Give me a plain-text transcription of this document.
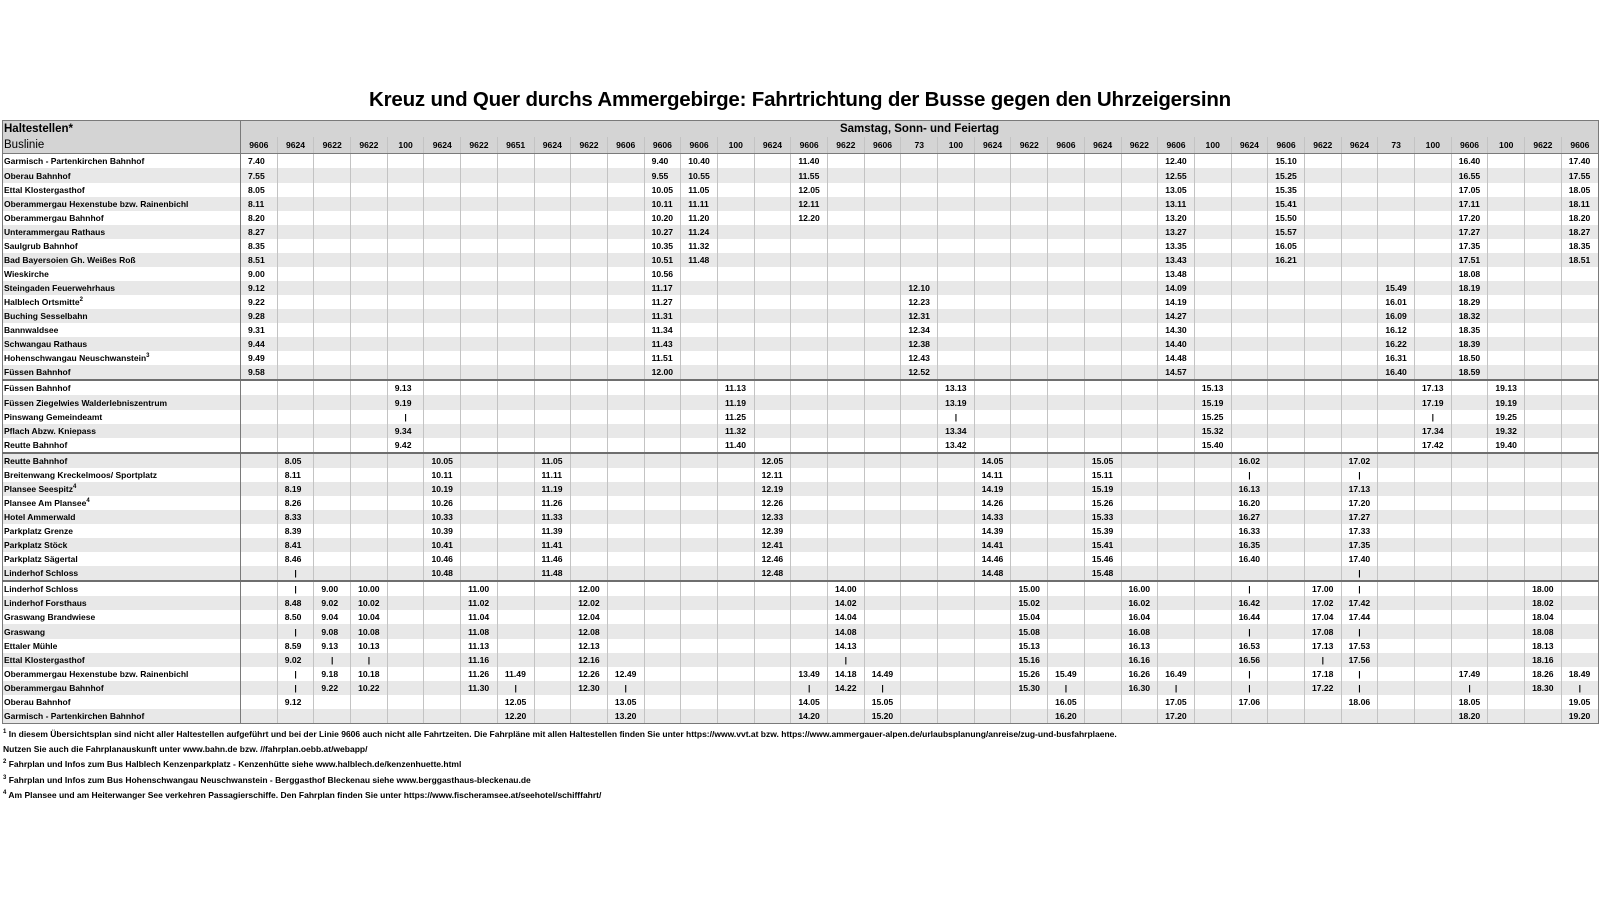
Kreuz und Quer durchs Ammergebirge: Fahrtrichtung der Busse gegen den Uhrzeigersinn
Haltestellen*	Samstag, Sonn- und Feiertag																																				
Buslinie	9606	9624	9622	9622	100	9624	9622	9651	9624	9622	9606	9606	9606	100	9624	9606	9622	9606	73	100	9624	9622	9606	9624	9622	9606	100	9624	9606	9622	9624	73	100	9606	100	9622	9606
Garmisch - Partenkirchen Bahnhof	7.40											9.40	10.40			11.40										12.40			15.10					16.40			17.40
Oberau Bahnhof	7.55											9.55	10.55			11.55										12.55			15.25					16.55			17.55
Ettal Klostergasthof	8.05											10.05	11.05			12.05										13.05			15.35					17.05			18.05
Oberammergau Hexenstube bzw. Rainenbichl	8.11											10.11	11.11			12.11										13.11			15.41					17.11			18.11
Oberammergau Bahnhof	8.20											10.20	11.20			12.20										13.20			15.50					17.20			18.20
Unterammergau Rathaus	8.27											10.27	11.24													13.27			15.57					17.27			18.27
Saulgrub Bahnhof	8.35											10.35	11.32													13.35			16.05					17.35			18.35
Bad Bayersoien Gh. Weißes Roß	8.51											10.51	11.48													13.43			16.21					17.51			18.51
Wieskirche	9.00											10.56														13.48								18.08			
Steingaden Feuerwehrhaus	9.12											11.17							12.10							14.09						15.49		18.19			
Halblech Ortsmitte$^2$	9.22											11.27							12.23							14.19						16.01		18.29			
Buching Sesselbahn	9.28											11.31							12.31							14.27						16.09		18.32			
Bannwaldsee	9.31											11.34							12.34							14.30						16.12		18.35			
Schwangau Rathaus	9.44											11.43							12.38							14.40						16.22		18.39			
Hohenschwangau Neuschwanstein$^3$	9.49											11.51							12.43							14.48						16.31		18.50			
Füssen Bahnhof	9.58											12.00							12.52							14.57						16.40		18.59			
Füssen Bahnhof					9.13									11.13						13.13							15.13						17.13		19.13		
Füssen Ziegelwies Walderlebniszentrum					9.19									11.19						13.19							15.19						17.19		19.19		
Pinswang Gemeindeamt					|									11.25						|							15.25						|		19.25		
Pflach Abzw. Kniepass					9.34									11.32						13.34							15.32						17.34		19.32		
Reutte Bahnhof					9.42									11.40						13.42							15.40						17.42		19.40		
Reutte Bahnhof		8.05				10.05			11.05						12.05						14.05			15.05				16.02			17.02						
Breitenwang Kreckelmoos/ Sportplatz		8.11				10.11			11.11						12.11						14.11			15.11				|			|						
Plansee Seespitz$^4$		8.19				10.19			11.19						12.19						14.19			15.19				16.13			17.13						
Plansee Am Plansee$^4$		8.26				10.26			11.26						12.26						14.26			15.26				16.20			17.20						
Hotel Ammerwald		8.33				10.33			11.33						12.33						14.33			15.33				16.27			17.27						
Parkplatz Grenze		8.39				10.39			11.39						12.39						14.39			15.39				16.33			17.33						
Parkplatz Stöck		8.41				10.41			11.41						12.41						14.41			15.41				16.35			17.35						
Parkplatz Sägertal		8.46				10.46			11.46						12.46						14.46			15.46				16.40			17.40						
Linderhof Schloss		|				10.48			11.48						12.48						14.48			15.48							|						
Linderhof Schloss		|	9.00	10.00			11.00			12.00							14.00					15.00			16.00			|		17.00	|					18.00	
Linderhof Forsthaus		8.48	9.02	10.02			11.02			12.02							14.02					15.02			16.02			16.42		17.02	17.42					18.02	
Graswang Brandwiese		8.50	9.04	10.04			11.04			12.04							14.04					15.04			16.04			16.44		17.04	17.44					18.04	
Graswang		|	9.08	10.08			11.08			12.08							14.08					15.08			16.08			|		17.08	|					18.08	
Ettaler Mühle		8.59	9.13	10.13			11.13			12.13							14.13					15.13			16.13			16.53		17.13	17.53					18.13	
Ettal Klostergasthof		9.02	|	|			11.16			12.16							|					15.16			16.16			16.56		|	17.56					18.16	
Oberammergau Hexenstube bzw. Rainenbichl		|	9.18	10.18			11.26	11.49		12.26	12.49					13.49	14.18	14.49				15.26	15.49		16.26	16.49		|		17.18	|			17.49		18.26	18.49
Oberammergau Bahnhof		|	9.22	10.22			11.30	|		12.30	|					|	14.22	|				15.30	|		16.30	|		|		17.22	|			|		18.30	|
Oberau Bahnhof		9.12						12.05			13.05					14.05		15.05					16.05			17.05		17.06			18.06			18.05			19.05
Garmisch - Partenkirchen Bahnhof								12.20			13.20					14.20		15.20					16.20			17.20								18.20			19.20
$^1$ In diesem Übersichtsplan sind nicht aller Haltestellen aufgeführt und bei der Linie 9606 auch nicht alle Fahrtzeiten. Die Fahrpläne mit allen Haltestellen finden Sie unter https://www.vvt.at bzw. https://www.ammergauer-alpen.de/urlaubsplanung/anreise/zug-und-busfahrplaene.
Nutzen Sie auch die Fahrplanauskunft unter www.bahn.de bzw. //fahrplan.oebb.at/webapp/
$^2$ Fahrplan und Infos zum Bus Halblech Kenzenparkplatz - Kenzenhütte siehe www.halblech.de/kenzenhuette.html
$^3$ Fahrplan und Infos zum Bus Hohenschwangau Neuschwanstein - Berggasthof Bleckenau siehe www.berggasthaus-bleckenau.de
$^4$ Am Plansee und am Heiterwanger See verkehren Passagierschiffe. Den Fahrplan finden Sie unter https://www.fischeramsee.at/seehotel/schifffahrt/
